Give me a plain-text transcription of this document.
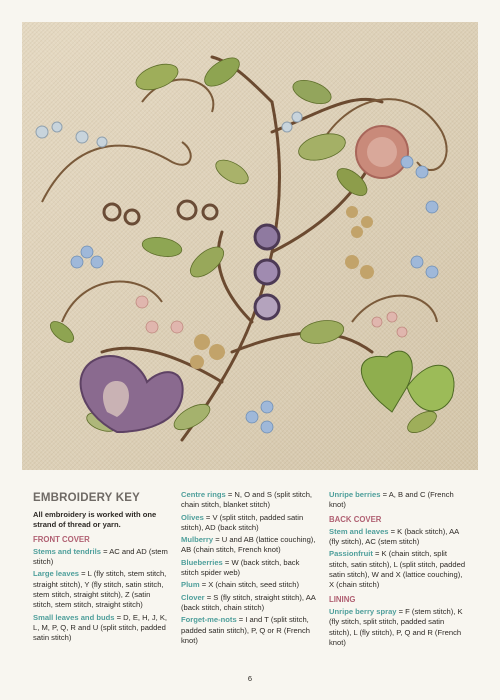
EMBROIDERY KEY
All embroidery is worked with one strand of thread or yarn.
FRONT COVER
Stems and tendrils = AC and AD (stem stitch)
Large leaves = L (fly stitch, stem stitch, straight stitch), Y (fly stitch, satin stitch, stem stitch, straight stitch), Z (satin stitch, stem stitch, straight stitch)
Small leaves and buds = D, E, H, J, K, L, M, P, Q, R and U (split stitch, padded satin stitch)
Centre rings = N, O and S (split stitch, chain stitch, blanket stitch)
Olives = V (split stitch, padded satin stitch), AD (back stitch)
Mulberry = U and AB (lattice couching), AB (chain stitch, French knot)
Blueberries = W (back stitch, back stitch spider web)
Plum = X (chain stitch, seed stitch)
Clover = S (fly stitch, straight stitch), AA (back stitch, chain stitch)
Forget-me-nots = I and T (split stitch, padded satin stitch), P, Q or R (French knot)
Unripe berries = A, B and C (French knot)
BACK COVER
Stem and leaves = K (back stitch), AA (fly stitch), AC (stem stitch)
Passionfruit = K (chain stitch, split stitch, satin stitch), L (split stitch, padded satin stitch), W and X (lattice couching), X (chain stitch)
LINING
Unripe berry spray = F (stem stitch), K (fly stitch, split stitch, padded satin stitch), L (fly stitch), P, Q and R (French knot)
6
